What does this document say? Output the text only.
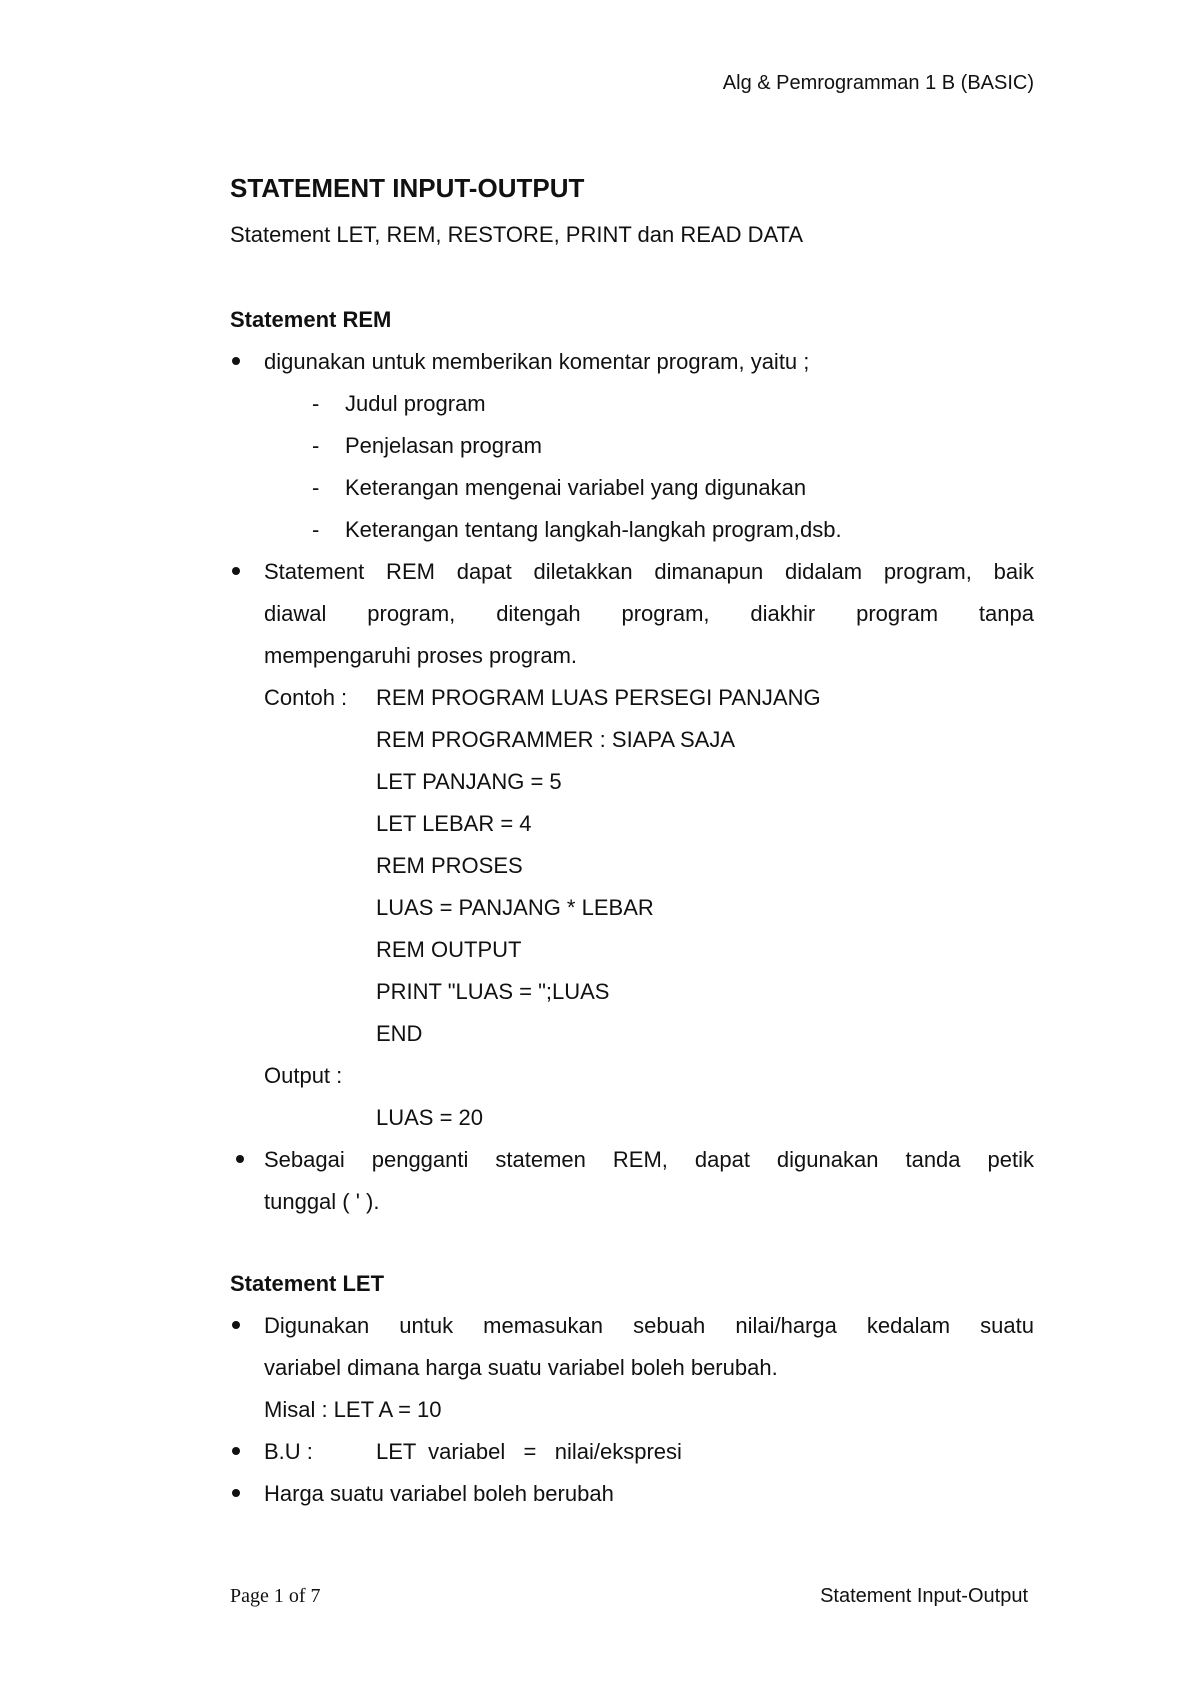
Alg & Pemrogramman 1 B (BASIC)
STATEMENT INPUT-OUTPUT
Statement LET, REM, RESTORE, PRINT dan READ DATA
Statement REM
digunakan untuk memberikan komentar program, yaitu ;
- Judul program
- Penjelasan program
- Keterangan mengenai variabel yang digunakan
- Keterangan tentang langkah-langkah program,dsb.
Statement REM dapat diletakkan dimanapun didalam program, baik
diawal program, ditengah program, diakhir program tanpa
mempengaruhi proses program.
Contoh : REM PROGRAM LUAS PERSEGI PANJANG
REM PROGRAMMER : SIAPA SAJA
LET PANJANG = 5
LET LEBAR = 4
REM PROSES
LUAS = PANJANG * LEBAR
REM OUTPUT
PRINT "LUAS = ";LUAS
END
Output :
LUAS = 20
Sebagai pengganti statemen REM, dapat digunakan tanda petik
tunggal ( ' ).
Statement LET
Digunakan untuk memasukan sebuah nilai/harga kedalam suatu
variabel dimana harga suatu variabel boleh berubah.
Misal : LET A = 10
B.U :	LET  variabel   =   nilai/ekspresi
Harga suatu variabel boleh berubah
Page 1 of 7	Statement Input-Output
